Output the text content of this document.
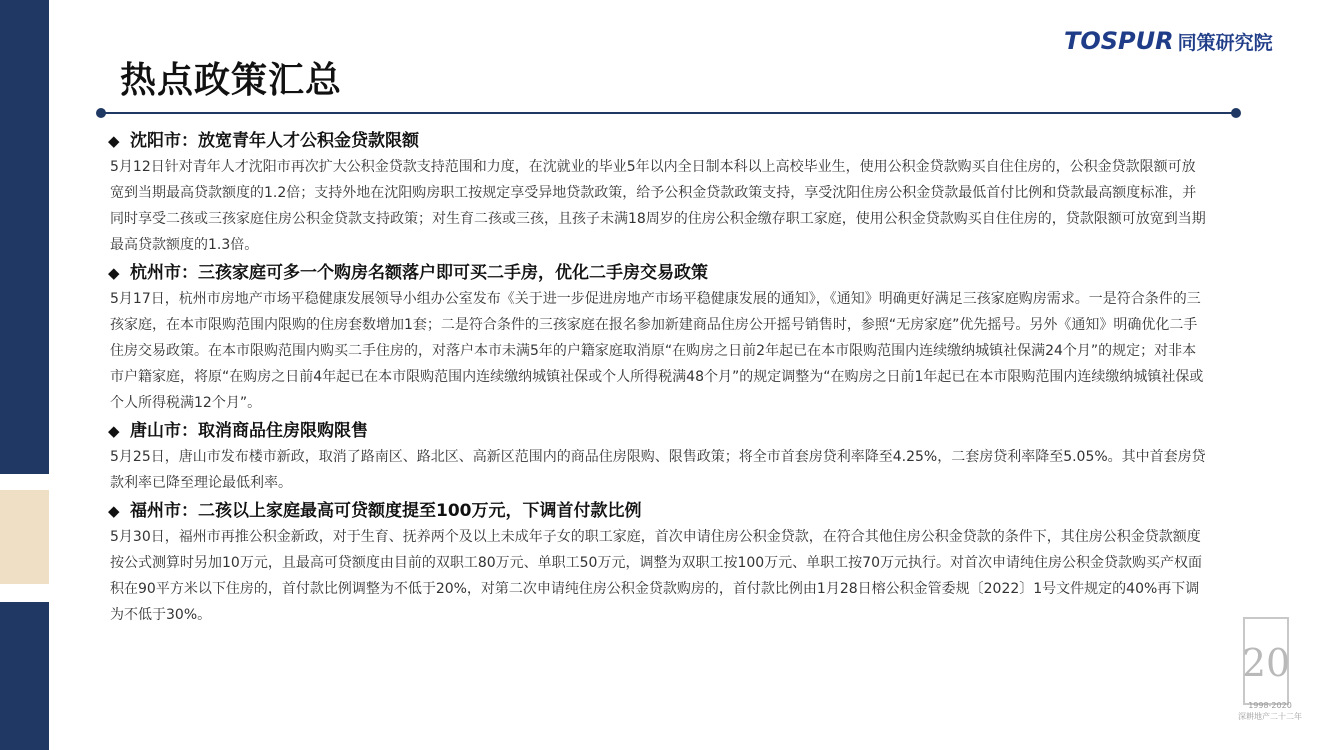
TOSPUR 同策研究院
热点政策汇总
◆ 沈阳市：放宽青年人才公积金贷款限额

5月12日针对青年人才沈阳市再次扩大公积金贷款支持范围和力度，在沈就业的毕业5年以内全日制本科以上高校毕业生，使用公积金贷款购买自住住房的，公积金贷款限额可放宽到当期最高贷款额度的1.2倍；支持外地在沈阳购房职工按规定享受异地贷款政策，给予公积金贷款政策支持，享受沈阳住房公积金贷款最低首付比例和贷款最高额度标准，并同时享受二孩或三孩家庭住房公积金贷款支持政策；对生育二孩或三孩，且孩子未满18周岁的住房公积金缴存职工家庭，使用公积金贷款购买自住住房的，贷款限额可放宽到当期最高贷款额度的1.3倍。

◆ 杭州市：三孩家庭可多一个购房名额落户即可买二手房，优化二手房交易政策

5月17日，杭州市房地产市场平稳健康发展领导小组办公室发布《关于进一步促进房地产市场平稳健康发展的通知》，《通知》明确更好满足三孩家庭购房需求。一是符合条件的三孩家庭，在本市限购范围内限购的住房套数增加1套；二是符合条件的三孩家庭在报名参加新建商品住房公开摇号销售时，参照“无房家庭”优先摇号。另外《通知》明确优化二手住房交易政策。在本市限购范围内购买二手住房的，对落户本市未满5年的户籍家庭取消原“在购房之日前2年起已在本市限购范围内连续缴纳城镇社保满24个月”的规定；对非本市户籍家庭，将原“在购房之日前4年起已在本市限购范围内连续缴纳城镇社保或个人所得税满48个月”的规定调整为“在购房之日前1年起已在本市限购范围内连续缴纳城镇社保或个人所得税满12个月”。

◆ 唐山市：取消商品住房限购限售

5月25日，唐山市发布楼市新政，取消了路南区、路北区、高新区范围内的商品住房限购、限售政策；将全市首套房贷利率降至4.25%，二套房贷利率降至5.05%。其中首套房贷款利率已降至理论最低利率。

◆ 福州市：二孩以上家庭最高可贷额度提至100万元，下调首付款比例

5月30日，福州市再推公积金新政，对于生育、抚养两个及以上未成年子女的职工家庭，首次申请住房公积金贷款，在符合其他住房公积金贷款的条件下，其住房公积金贷款额度按公式测算时另加10万元，且最高可贷额度由目前的双职工80万元、单职工50万元，调整为双职工按100万元、单职工按70万元执行。对首次申请纯住房公积金贷款购买产权面积在90平方米以下住房的，首付款比例调整为不低于20%，对第二次申请纯住房公积金贷款购房的，首付款比例由1月28日榕公积金管委规〔2022〕1号文件规定的40%再下调为不低于30%。

20
1998-2020
深耕地产二十二年
